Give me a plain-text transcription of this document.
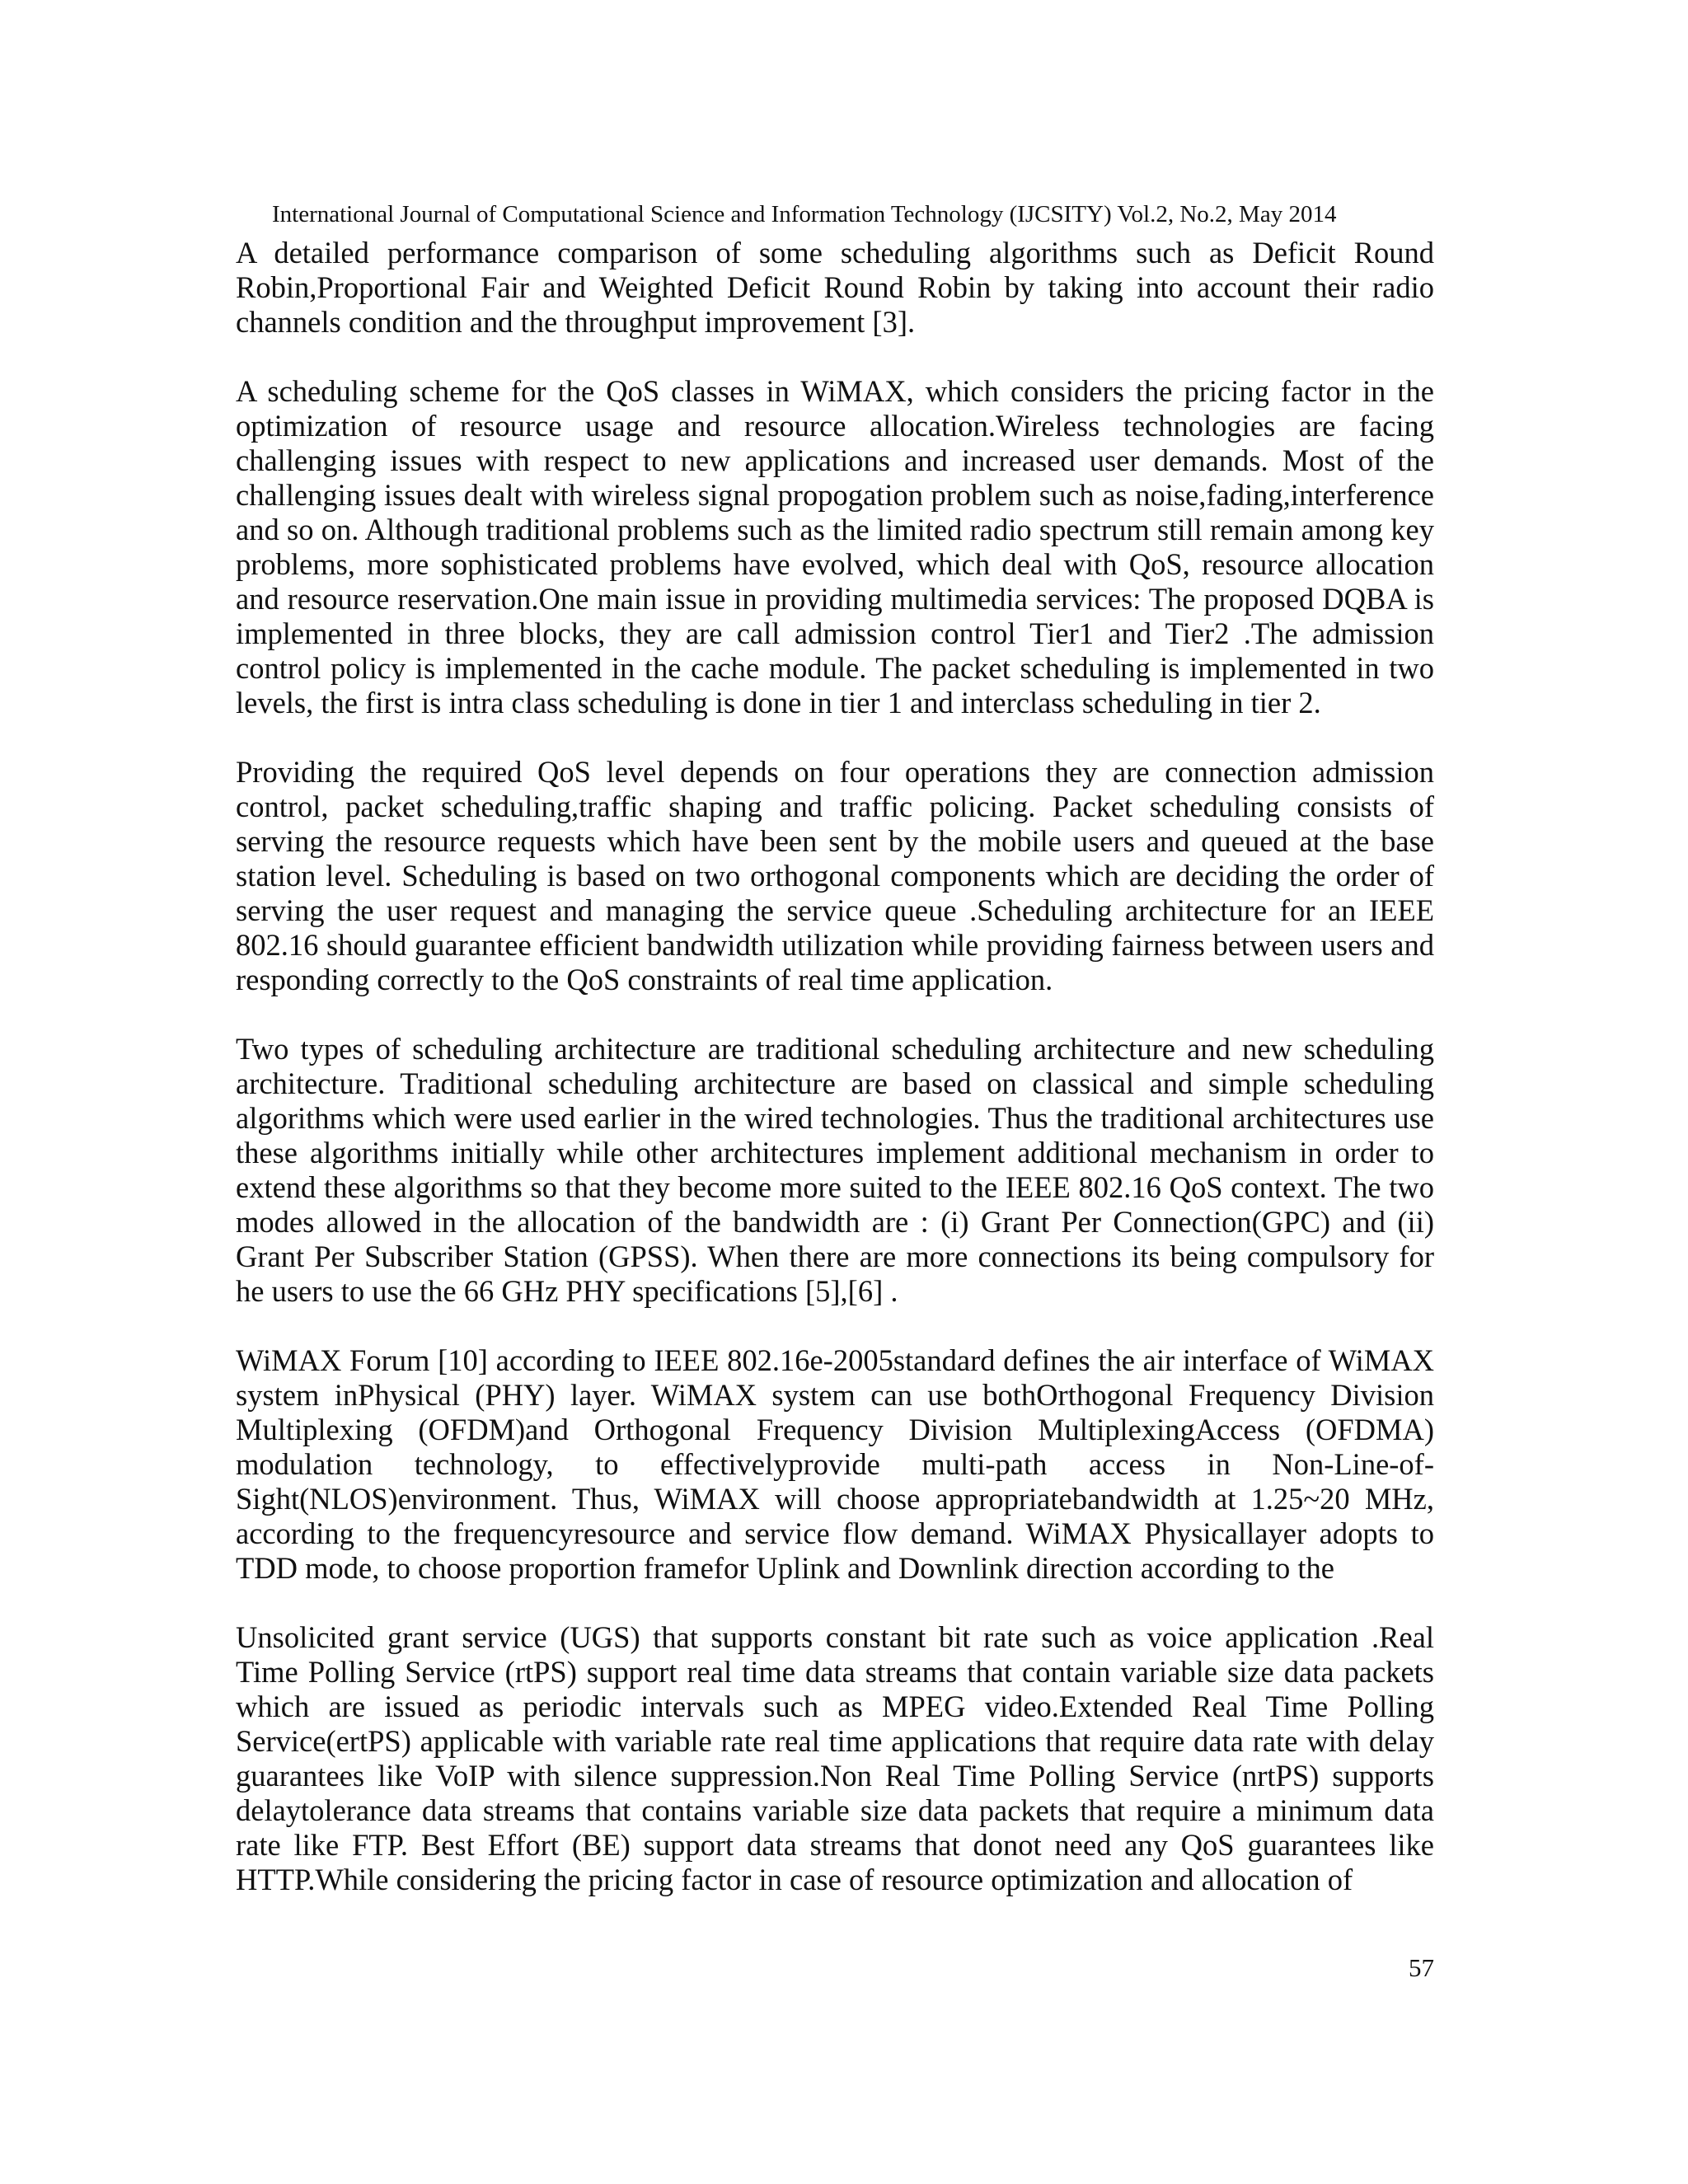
International Journal of Computational Science and Information Technology (IJCSITY) Vol.2, No.2, May 2014

A detailed performance comparison of some scheduling algorithms such as Deficit Round Robin,Proportional Fair and Weighted Deficit Round Robin by taking into account their radio channels condition and the throughput improvement [3].

A scheduling scheme for the QoS classes in WiMAX, which considers the pricing factor in the optimization of resource usage and resource allocation.Wireless technologies are facing challenging issues with respect to new applications and increased user demands. Most of the challenging issues dealt with wireless signal propogation problem such as noise,fading,interference and so on. Although traditional problems such as the limited radio spectrum still remain among key problems, more sophisticated problems have evolved, which deal with QoS, resource allocation and resource reservation.One main issue in providing multimedia services: The proposed DQBA is implemented in three blocks, they are call admission control Tier1 and Tier2 .The admission control policy is implemented in the cache module. The packet scheduling is implemented in two levels, the first is intra class scheduling is done in tier 1 and interclass scheduling in tier 2.

Providing the required QoS level depends on four operations they are connection admission control, packet scheduling,traffic shaping and traffic policing. Packet scheduling consists of serving the resource requests which have been sent by the mobile users and queued at the base station level. Scheduling is based on two orthogonal components which are deciding the order of serving the user request and managing the service queue .Scheduling architecture for an IEEE 802.16 should guarantee efficient bandwidth utilization while providing fairness between users and responding correctly to the QoS constraints of real time application.

Two types of scheduling architecture are traditional scheduling architecture and new scheduling architecture. Traditional scheduling architecture are based on classical and simple scheduling algorithms which were used earlier in the wired technologies. Thus the traditional architectures use these algorithms initially while other architectures implement additional mechanism in order to extend these algorithms so that they become more suited to the IEEE 802.16 QoS context. The two modes allowed in the allocation of the bandwidth are : (i) Grant Per Connection(GPC) and (ii) Grant Per Subscriber Station (GPSS). When there are more connections its being compulsory for he users to use the 66 GHz PHY specifications [5],[6] .

WiMAX Forum [10] according to IEEE 802.16e-2005standard defines the air interface of WiMAX system inPhysical (PHY) layer. WiMAX system can use bothOrthogonal Frequency Division Multiplexing (OFDM)and Orthogonal Frequency Division MultiplexingAccess (OFDMA) modulation technology, to effectivelyprovide multi-path access in Non-Line-of-Sight(NLOS)environment. Thus, WiMAX will choose appropriatebandwidth at 1.25~20 MHz, according to the frequencyresource and service flow demand. WiMAX Physicallayer adopts to TDD mode, to choose proportion framefor Uplink and Downlink direction according to the

Unsolicited grant service (UGS) that supports constant bit rate such as voice application .Real Time Polling Service (rtPS) support real time data streams that contain variable size data packets which are issued as periodic intervals such as MPEG video.Extended Real Time Polling Service(ertPS) applicable with variable rate real time applications that require data rate with delay guarantees like VoIP with silence suppression.Non Real Time Polling Service (nrtPS) supports delaytolerance data streams that contains variable size data packets that require a minimum data rate like FTP. Best Effort (BE) support data streams that donot need any QoS guarantees like HTTP.While considering the pricing factor in case of resource optimization and allocation of

57
